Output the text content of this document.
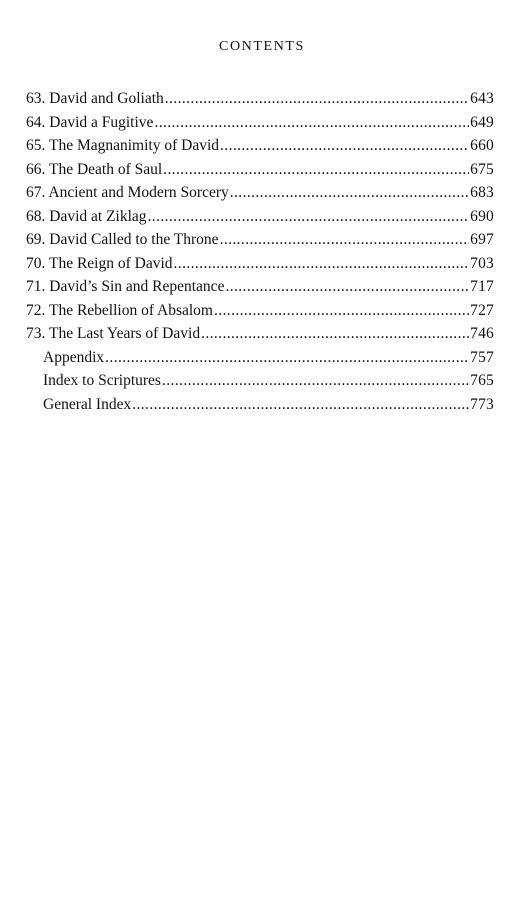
CONTENTS
63. David and Goliath .....	643
64. David a Fugitive .....	649
65. The Magnanimity of David .....	660
66. The Death of Saul .....	675
67. Ancient and Modern Sorcery .....	683
68. David at Ziklag .....	690
69. David Called to the Throne .....	697
70. The Reign of David .....	703
71. David’s Sin and Repentance .....	717
72. The Rebellion of Absalom .....	727
73. The Last Years of David .....	746
Appendix .....	757
Index to Scriptures .....	765
General Index .....	773
